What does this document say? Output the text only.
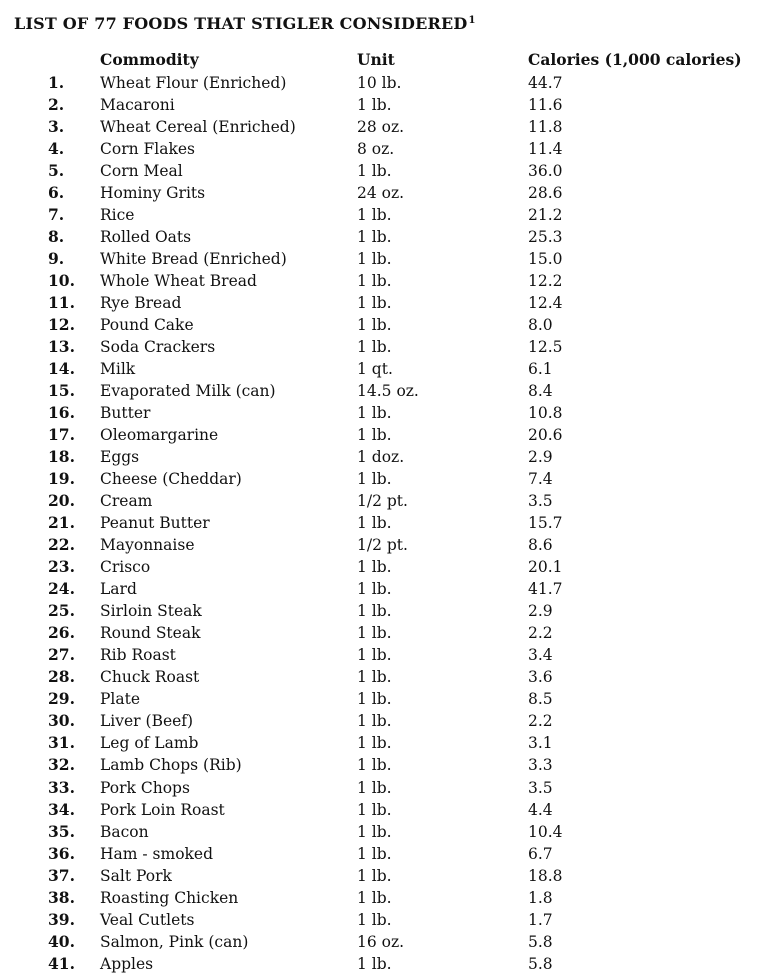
LIST OF 77 FOODS THAT STIGLER CONSIDERED$^1$
Commodity	Unit	Calories (1,000 calories)
1. Wheat Flour (Enriched)	10 lb.	44.7
2. Macaroni	1 lb.	11.6
3. Wheat Cereal (Enriched)	28 oz.	11.8
4. Corn Flakes	8 oz.	11.4
5. Corn Meal	1 lb.	36.0
6. Hominy Grits	24 oz.	28.6
7. Rice	1 lb.	21.2
8. Rolled Oats	1 lb.	25.3
9. White Bread (Enriched)	1 lb.	15.0
10. Whole Wheat Bread	1 lb.	12.2
11. Rye Bread	1 lb.	12.4
12. Pound Cake	1 lb.	8.0
13. Soda Crackers	1 lb.	12.5
14. Milk	1 qt.	6.1
15. Evaporated Milk (can)	14.5 oz.	8.4
16. Butter	1 lb.	10.8
17. Oleomargarine	1 lb.	20.6
18. Eggs	1 doz.	2.9
19. Cheese (Cheddar)	1 lb.	7.4
20. Cream	1/2 pt.	3.5
21. Peanut Butter	1 lb.	15.7
22. Mayonnaise	1/2 pt.	8.6
23. Crisco	1 lb.	20.1
24. Lard	1 lb.	41.7
25. Sirloin Steak	1 lb.	2.9
26. Round Steak	1 lb.	2.2
27. Rib Roast	1 lb.	3.4
28. Chuck Roast	1 lb.	3.6
29. Plate	1 lb.	8.5
30. Liver (Beef)	1 lb.	2.2
31. Leg of Lamb	1 lb.	3.1
32. Lamb Chops (Rib)	1 lb.	3.3
33. Pork Chops	1 lb.	3.5
34. Pork Loin Roast	1 lb.	4.4
35. Bacon	1 lb.	10.4
36. Ham - smoked	1 lb.	6.7
37. Salt Pork	1 lb.	18.8
38. Roasting Chicken	1 lb.	1.8
39. Veal Cutlets	1 lb.	1.7
40. Salmon, Pink (can)	16 oz.	5.8
41. Apples	1 lb.	5.8
